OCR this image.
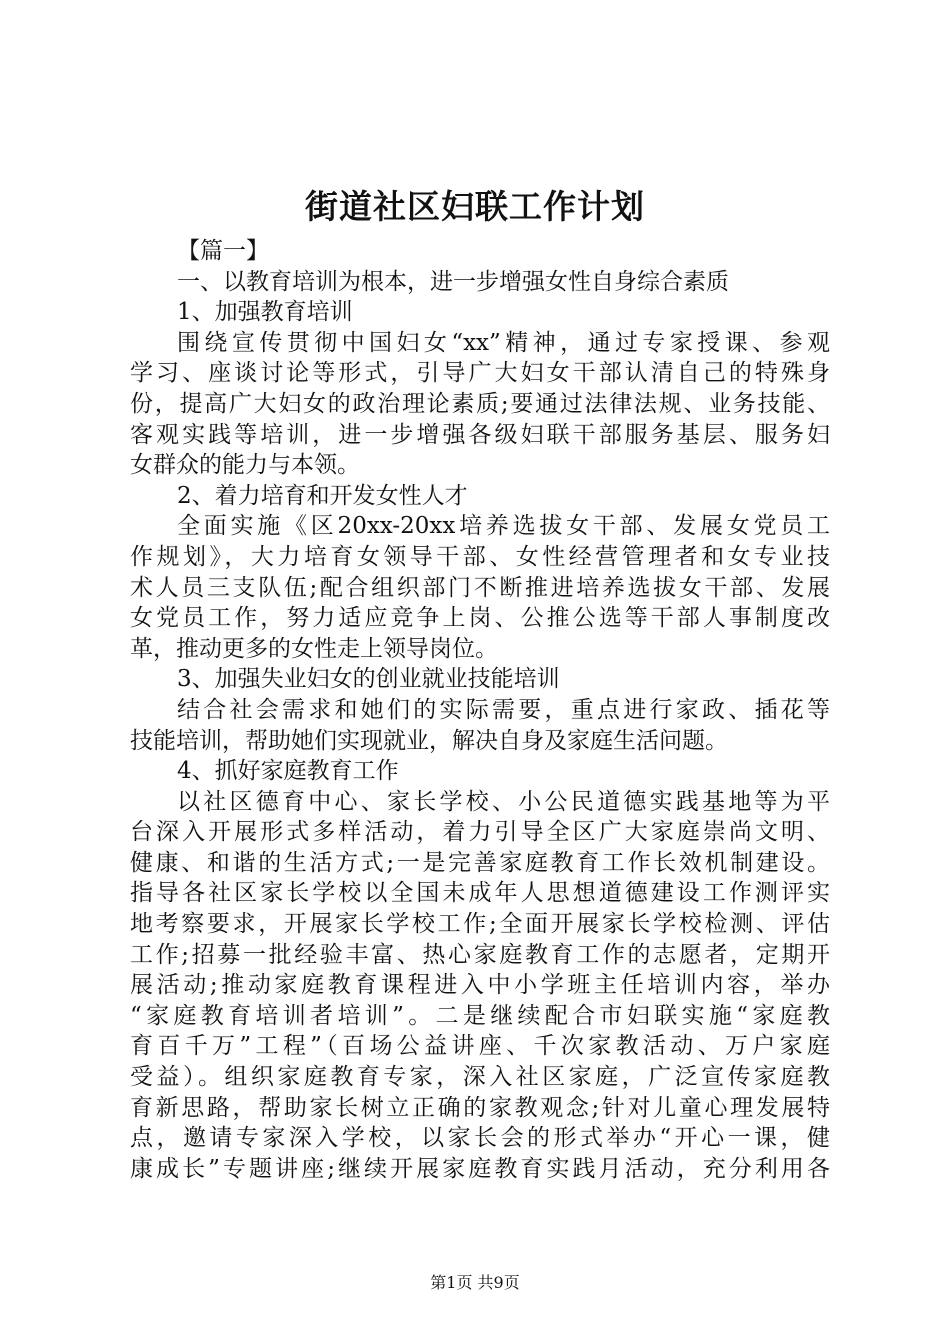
街道社区妇联工作计划
【篇一】
一、以教育培训为根本，进一步增强女性自身综合素质
1、加强教育培训
围绕宣传贯彻中国妇女“xx”精神，通过专家授课、参观
学习、座谈讨论等形式，引导广大妇女干部认清自己的特殊身
份，提高广大妇女的政治理论素质;要通过法律法规、业务技能、
客观实践等培训，进一步增强各级妇联干部服务基层、服务妇
女群众的能力与本领。
2、着力培育和开发女性人才
全面实施《区20xx-20xx培养选拔女干部、发展女党员工
作规划》，大力培育女领导干部、女性经营管理者和女专业技
术人员三支队伍;配合组织部门不断推进培养选拔女干部、发展
女党员工作，努力适应竞争上岗、公推公选等干部人事制度改
革，推动更多的女性走上领导岗位。
3、加强失业妇女的创业就业技能培训
结合社会需求和她们的实际需要，重点进行家政、插花等
技能培训，帮助她们实现就业，解决自身及家庭生活问题。
4、抓好家庭教育工作
以社区德育中心、家长学校、小公民道德实践基地等为平
台深入开展形式多样活动，着力引导全区广大家庭崇尚文明、
健康、和谐的生活方式;一是完善家庭教育工作长效机制建设。
指导各社区家长学校以全国未成年人思想道德建设工作测评实
地考察要求，开展家长学校工作;全面开展家长学校检测、评估
工作;招募一批经验丰富、热心家庭教育工作的志愿者，定期开
展活动;推动家庭教育课程进入中小学班主任培训内容，举办
“家庭教育培训者培训”。二是继续配合市妇联实施“家庭教
育百千万”工程”（百场公益讲座、千次家教活动、万户家庭
受益）。组织家庭教育专家，深入社区家庭，广泛宣传家庭教
育新思路，帮助家长树立正确的家教观念;针对儿童心理发展特
点，邀请专家深入学校，以家长会的形式举办“开心一课，健
康成长”专题讲座;继续开展家庭教育实践月活动，充分利用各
第1页 共9页
